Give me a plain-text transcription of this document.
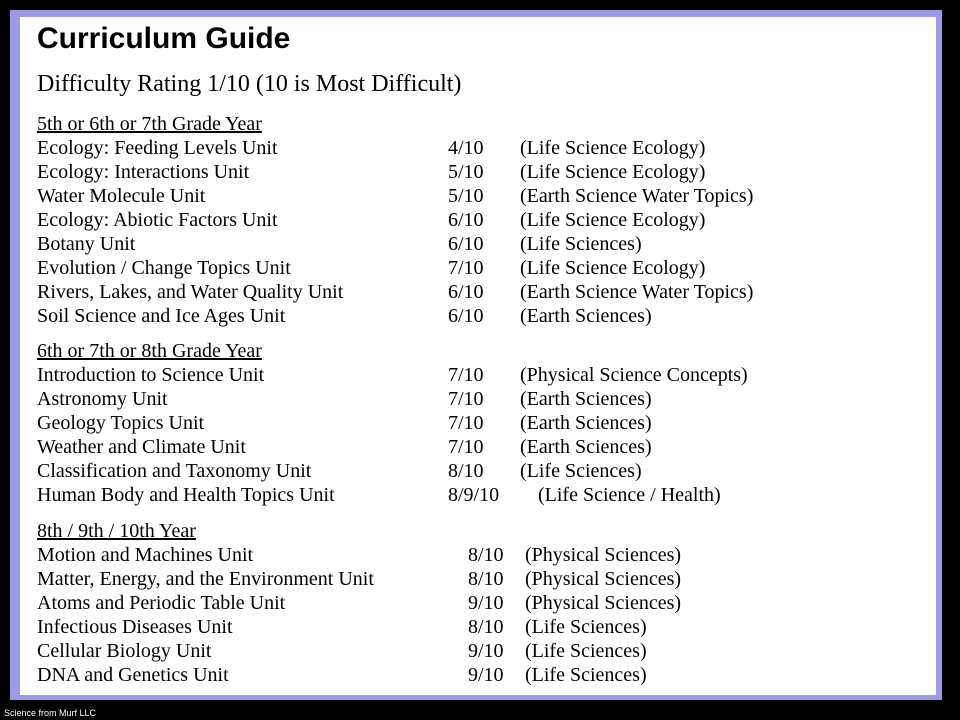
Curriculum Guide
Difficulty Rating 1/10 (10 is Most Difficult)
5th or 6th or 7th Grade Year
Ecology: Feeding Levels Unit	4/10 (Life Science Ecology)
Ecology: Interactions Unit	5/10 (Life Science Ecology)
Water Molecule Unit	5/10 (Earth Science Water Topics)
Ecology: Abiotic Factors Unit	6/10 (Life Science Ecology)
Botany Unit	6/10 (Life Sciences)
Evolution / Change Topics Unit	7/10 (Life Science Ecology)
Rivers, Lakes, and Water Quality Unit	6/10 (Earth Science Water Topics)
Soil Science and Ice Ages Unit	6/10 (Earth Sciences)
6th or 7th or 8th Grade Year
Introduction to Science Unit	7/10 (Physical Science Concepts)
Astronomy Unit	7/10 (Earth Sciences)
Geology Topics Unit	7/10 (Earth Sciences)
Weather and Climate Unit	7/10 (Earth Sciences)
Classification and Taxonomy Unit	8/10 (Life Sciences)
Human Body and Health Topics Unit	8/9/10 (Life Science / Health)
8th / 9th / 10th Year
Motion and Machines Unit	8/10 (Physical Sciences)
Matter, Energy, and the Environment Unit	8/10 (Physical Sciences)
Atoms and Periodic Table Unit	9/10 (Physical Sciences)
Infectious Diseases Unit	8/10 (Life Sciences)
Cellular Biology Unit	9/10 (Life Sciences)
DNA and Genetics Unit	9/10 (Life Sciences)
Science from Murf LLC
